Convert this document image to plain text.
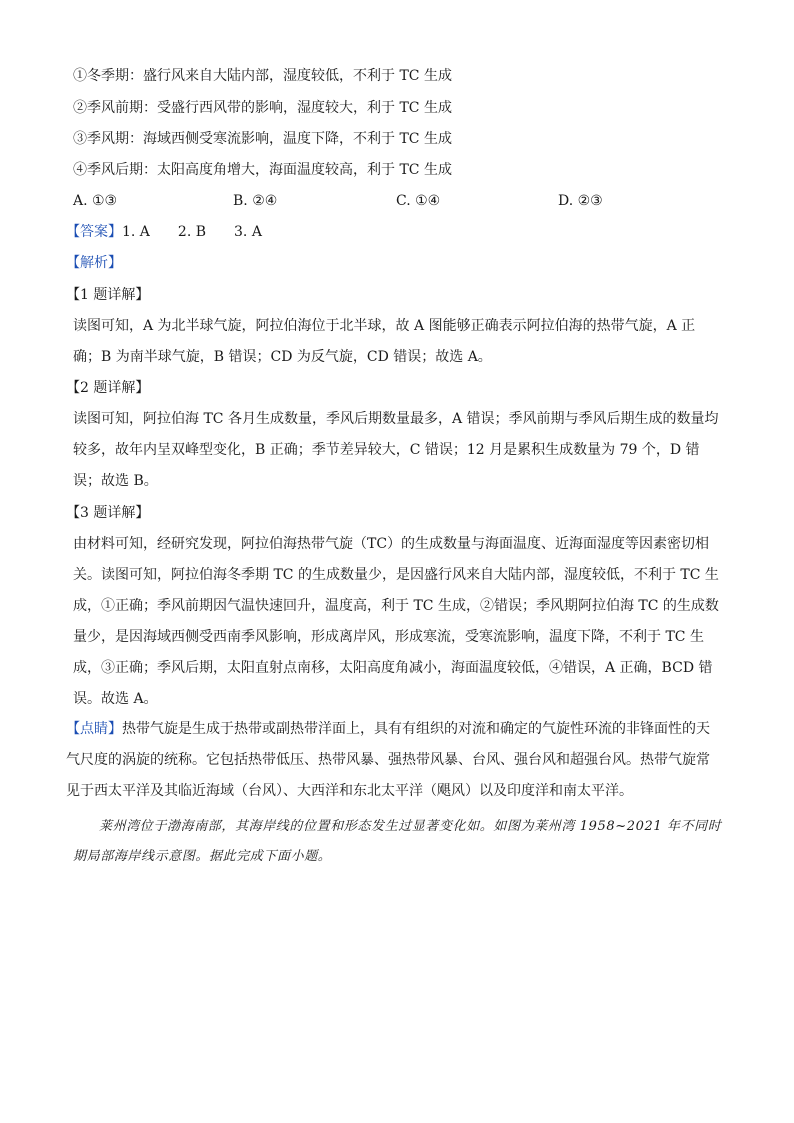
①冬季期：盛行风来自大陆内部，湿度较低，不利于 TC 生成
②季风前期：受盛行西风带的影响，湿度较大，利于 TC 生成
③季风期：海域西侧受寒流影响，温度下降，不利于 TC 生成
④季风后期：太阳高度角增大，海面温度较高，利于 TC 生成
A. ①③	B. ②④	C. ①④	D. ②③
【答案】1. A　　2. B　　3. A
【解析】
【1 题详解】
读图可知，A 为北半球气旋，阿拉伯海位于北半球，故 A 图能够正确表示阿拉伯海的热带气旋，A 正确；B 为南半球气旋，B 错误；CD 为反气旋，CD 错误；故选 A。
【2 题详解】
读图可知，阿拉伯海 TC 各月生成数量，季风后期数量最多，A 错误；季风前期与季风后期生成的数量均较多，故年内呈双峰型变化，B 正确；季节差异较大，C 错误；12 月是累积生成数量为 79 个，D 错误；故选 B。
【3 题详解】
由材料可知，经研究发现，阿拉伯海热带气旋（TC）的生成数量与海面温度、近海面湿度等因素密切相关。读图可知，阿拉伯海冬季期 TC 的生成数量少，是因盛行风来自大陆内部，湿度较低，不利于 TC 生成，①正确；季风前期因气温快速回升，温度高，利于 TC 生成，②错误；季风期阿拉伯海 TC 的生成数量少，是因海域西侧受西南季风影响，形成离岸风，形成寒流，受寒流影响，温度下降，不利于 TC 生成，③正确；季风后期，太阳直射点南移，太阳高度角减小，海面温度较低，④错误，A 正确，BCD 错误。故选 A。
【点睛】热带气旋是生成于热带或副热带洋面上，具有有组织的对流和确定的气旋性环流的非锋面性的天气尺度的涡旋的统称。它包括热带低压、热带风暴、强热带风暴、台风、强台风和超强台风。热带气旋常见于西太平洋及其临近海域（台风）、大西洋和东北太平洋（飓风）以及印度洋和南太平洋。
莱州湾位于渤海南部，其海岸线的位置和形态发生过显著变化如。如图为莱州湾 1958~2021 年不同时期局部海岸线示意图。据此完成下面小题。
